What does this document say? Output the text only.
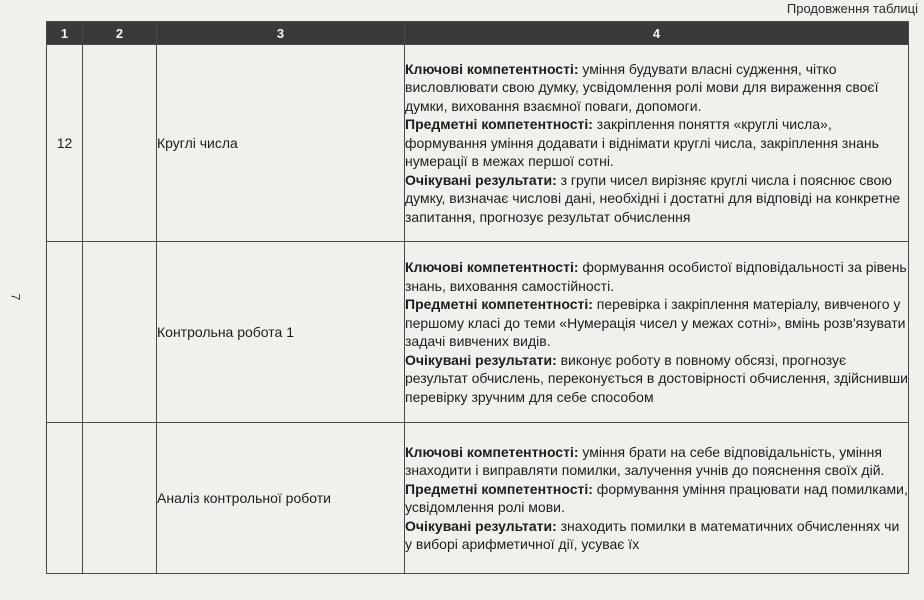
Продовження таблиці
7
1	2	3	4
12		Круглі числа	Ключові компетентності: уміння будувати власні судження, чітко висловлювати свою думку, усвідомлення ролі мови для вираження своєї думки, виховання взаємної поваги, допомоги.
Предметні компетентності: закріплення поняття «круглі числа», формування уміння додавати і віднімати круглі числа, закріплення знань нумерації в межах першої сотні.
Очікувані результати: з групи чисел вирізняє круглі числа і пояснює свою думку, визначає числові дані, необхідні і достатні для відповіді на конкретне запитання, прогнозує результат обчислення

		Контрольна робота 1	Ключові компетентності: формування особистої відповідальності за рівень знань, виховання самостійності.
Предметні компетентності: перевірка і закріплення матеріалу, вивченого у першому класі до теми «Нумерація чисел у межах сотні», вмінь розв'язувати задачі вивчених видів.
Очікувані результати: виконує роботу в повному обсязі, прогнозує результат обчислень, переконується в достовірності обчислення, здійснивши перевірку зручним для себе способом

		Аналіз контрольної роботи	Ключові компетентності: уміння брати на себе відповідальність, уміння знаходити і виправляти помилки, залучення учнів до пояснення своїх дій.
Предметні компетентності: формування уміння працювати над помилками, усвідомлення ролі мови.
Очікувані результати: знаходить помилки в математичних обчисленнях чи у виборі арифметичної дії, усуває їх
